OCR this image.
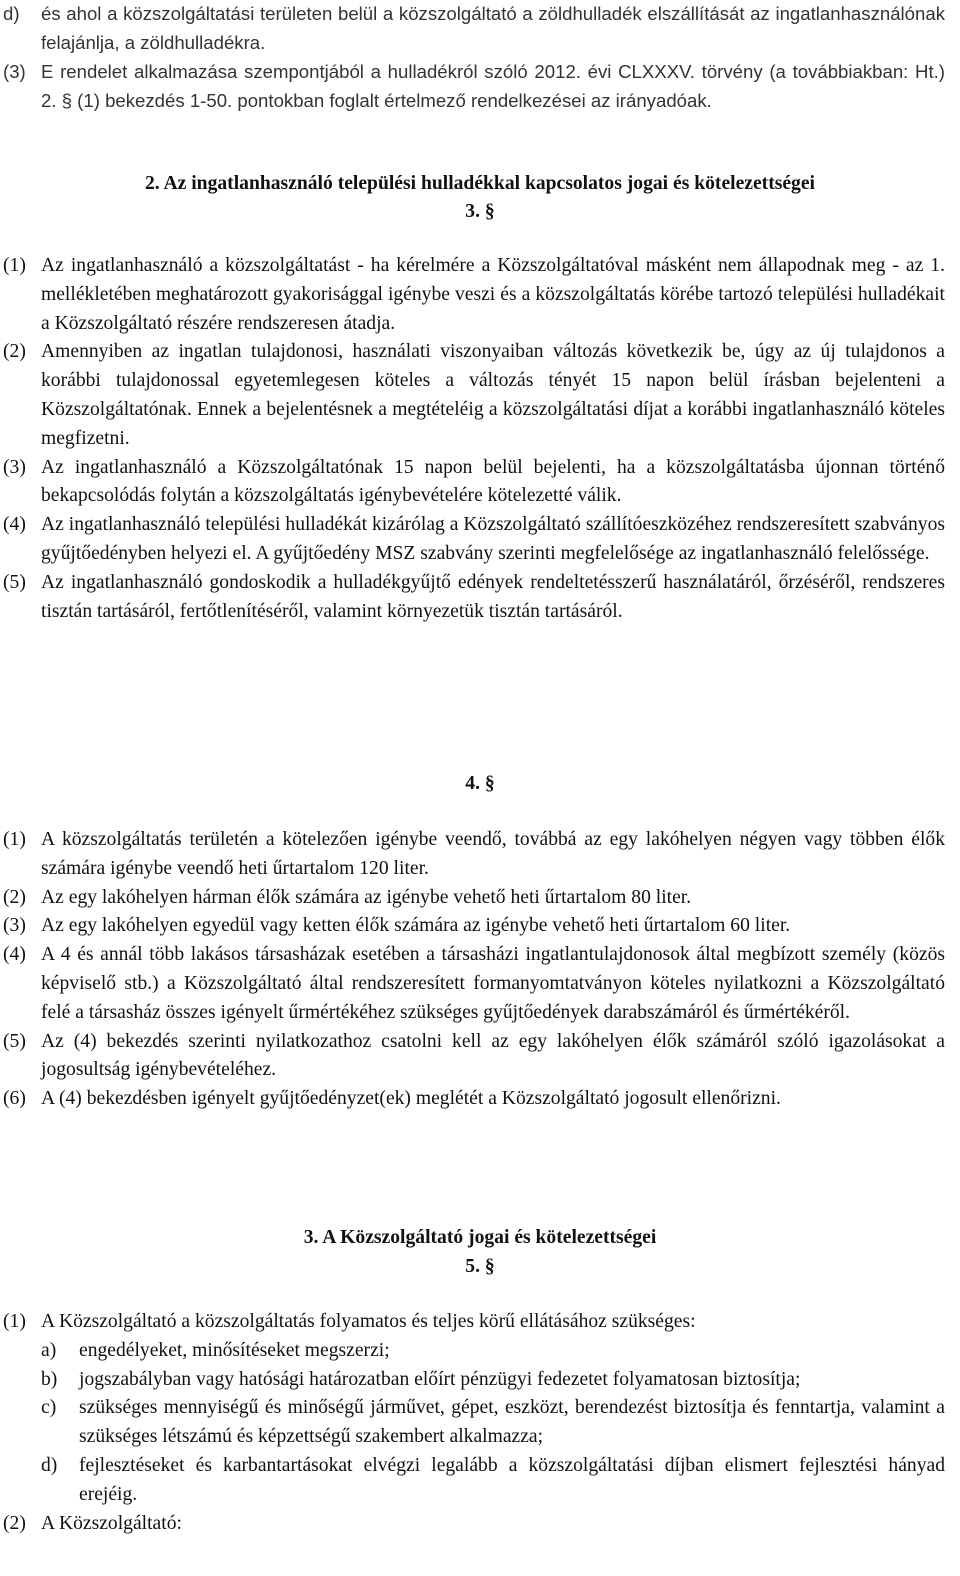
d)	és ahol a közszolgáltatási területen belül a közszolgáltató a zöldhulladék elszállítását az ingatlanhasználónak felajánlja, a zöldhulladékra.
(3) E rendelet alkalmazása szempontjából a hulladékról szóló 2012. évi CLXXXV. törvény (a továbbiakban: Ht.) 2. § (1) bekezdés 1-50. pontokban foglalt értelmező rendelkezései az irányadóak.
2. Az ingatlanhasználó települési hulladékkal kapcsolatos jogai és kötelezettségei
3. §
(1) Az ingatlanhasználó a közszolgáltatást - ha kérelmére a Közszolgáltatóval másként nem állapodnak meg - az 1. mellékletében meghatározott gyakorisággal igénybe veszi és a közszolgáltatás körébe tartozó települési hulladékait a Közszolgáltató részére rendszeresen átadja.
(2) Amennyiben az ingatlan tulajdonosi, használati viszonyaiban változás következik be, úgy az új tulajdonos a korábbi tulajdonossal egyetemlegesen köteles a változás tényét 15 napon belül írásban bejelenteni a Közszolgáltatónak. Ennek a bejelentésnek a megtételéig a közszolgáltatási díjat a korábbi ingatlanhasználó köteles megfizetni.
(3) Az ingatlanhasználó a Közszolgáltatónak 15 napon belül bejelenti, ha a közszolgáltatásba újonnan történő bekapcsolódás folytán a közszolgáltatás igénybevételére kötelezetté válik.
(4) Az ingatlanhasználó települési hulladékát kizárólag a Közszolgáltató szállítóeszközéhez rendszeresített szabványos gyűjtőedényben helyezi el. A gyűjtőedény MSZ szabvány szerinti megfelelősége az ingatlanhasználó felelőssége.
(5) Az ingatlanhasználó gondoskodik a hulladékgyűjtő edények rendeltetésszerű használatáról, őrzéséről, rendszeres tisztán tartásáról, fertőtlenítéséről, valamint környezetük tisztán tartásáról.
4. §
(1) A közszolgáltatás területén a kötelezően igénybe veendő, továbbá az egy lakóhelyen négyen vagy többen élők számára igénybe veendő heti űrtartalom 120 liter.
(2) Az egy lakóhelyen hárman élők számára az igénybe vehető heti űrtartalom 80 liter.
(3) Az egy lakóhelyen egyedül vagy ketten élők számára az igénybe vehető heti űrtartalom 60 liter.
(4) A 4 és annál több lakásos társasházak esetében a társasházi ingatlantulajdonosok által megbízott személy (közös képviselő stb.) a Közszolgáltató által rendszeresített formanyomtatványon köteles nyilatkozni a Közszolgáltató felé a társasház összes igényelt űrmértékéhez szükséges gyűjtőedények darabszámáról és űrmértékéről.
(5) Az (4) bekezdés szerinti nyilatkozathoz csatolni kell az egy lakóhelyen élők számáról szóló igazolásokat a jogosultság igénybevételéhez.
(6) A (4) bekezdésben igényelt gyűjtőedényzet(ek) meglétét a Közszolgáltató jogosult ellenőrizni.
3. A Közszolgáltató jogai és kötelezettségei
5. §
(1) A Közszolgáltató a közszolgáltatás folyamatos és teljes körű ellátásához szükséges:
a)	engedélyeket, minősítéseket megszerzi;
b)	jogszabályban vagy hatósági határozatban előírt pénzügyi fedezetet folyamatosan biztosítja;
c)	szükséges mennyiségű és minőségű járművet, gépet, eszközt, berendezést biztosítja és fenntartja, valamint a szükséges létszámú és képzettségű szakembert alkalmazza;
d)	fejlesztéseket és karbantartásokat elvégzi legalább a közszolgáltatási díjban elismert fejlesztési hányad erejéig.
(2) A Közszolgáltató:
